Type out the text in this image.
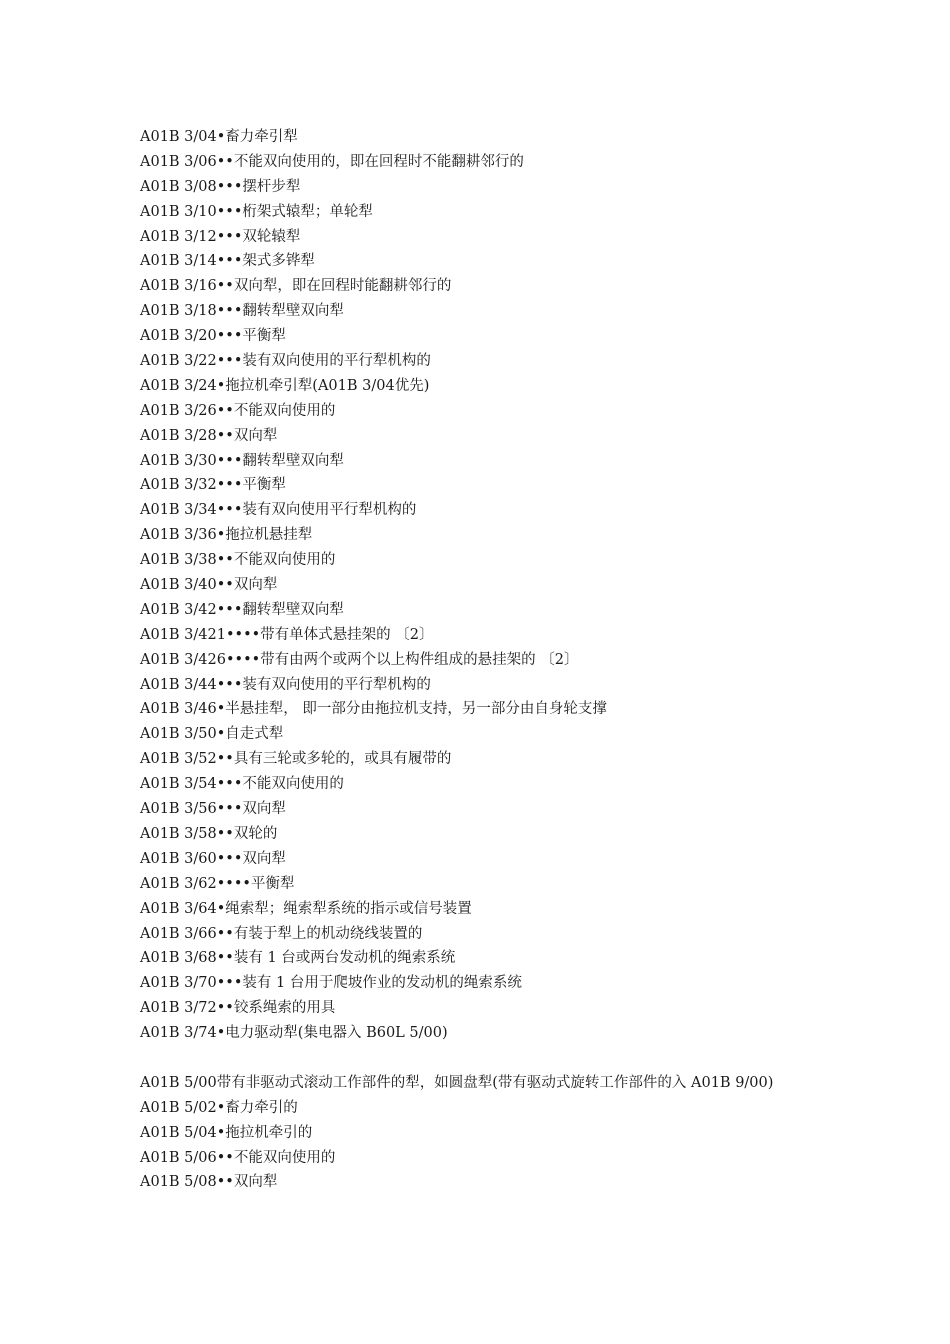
A01B 3/04•畜力牵引犁
A01B 3/06••不能双向使用的，即在回程时不能翻耕邻行的
A01B 3/08•••摆杆步犁
A01B 3/10•••桁架式辕犁；单轮犁
A01B 3/12•••双轮辕犁
A01B 3/14•••架式多铧犁
A01B 3/16••双向犁，即在回程时能翻耕邻行的
A01B 3/18•••翻转犁壁双向犁
A01B 3/20•••平衡犁
A01B 3/22•••装有双向使用的平行犁机构的
A01B 3/24•拖拉机牵引犁(A01B 3/04优先)
A01B 3/26••不能双向使用的
A01B 3/28••双向犁
A01B 3/30•••翻转犁壁双向犁
A01B 3/32•••平衡犁
A01B 3/34•••装有双向使用平行犁机构的
A01B 3/36•拖拉机悬挂犁
A01B 3/38••不能双向使用的
A01B 3/40••双向犁
A01B 3/42•••翻转犁壁双向犁
A01B 3/421••••带有单体式悬挂架的 〔2〕
A01B 3/426••••带有由两个或两个以上构件组成的悬挂架的 〔2〕
A01B 3/44•••装有双向使用的平行犁机构的
A01B 3/46•半悬挂犁， 即一部分由拖拉机支持，另一部分由自身轮支撑
A01B 3/50•自走式犁
A01B 3/52••具有三轮或多轮的，或具有履带的
A01B 3/54•••不能双向使用的
A01B 3/56•••双向犁
A01B 3/58••双轮的
A01B 3/60•••双向犁
A01B 3/62••••平衡犁
A01B 3/64•绳索犁；绳索犁系统的指示或信号装置
A01B 3/66••有装于犁上的机动绕线装置的
A01B 3/68••装有 1 台或两台发动机的绳索系统
A01B 3/70•••装有 1 台用于爬坡作业的发动机的绳索系统
A01B 3/72••铰系绳索的用具
A01B 3/74•电力驱动犁(集电器入 B60L 5/00)
A01B 5/00带有非驱动式滚动工作部件的犁，如圆盘犁(带有驱动式旋转工作部件的入 A01B 9/00)
A01B 5/02•畜力牵引的
A01B 5/04•拖拉机牵引的
A01B 5/06••不能双向使用的
A01B 5/08••双向犁
